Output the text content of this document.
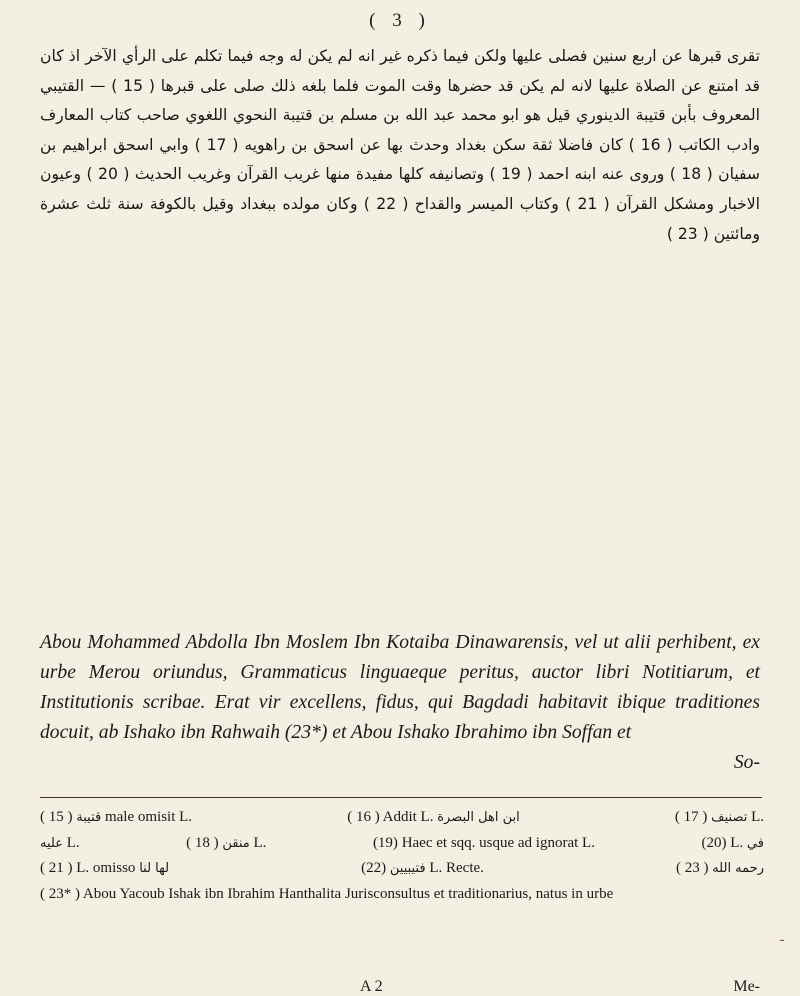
( 3 )

تقرى قبرها عن اربع سنين فصلى عليها ولكن فيما ذكره غير انه لم يكن له وجه فيما تكلم على الرأي الآخر اذ كان قد امتنع عن الصلاة عليها لانه لم يكن قد حضرها وقت الموت فلما بلغه ذلك صلى على قبرها ( 15 ) — القتيبي المعروف بأبن قتيبة الدينوري قيل هو ابو محمد عبد الله بن مسلم بن قتيبة النحوي اللغوي صاحب كتاب المعارف وادب الكاتب ( 16 ) كان فاضلا ثقة سكن بغداد وحدث بها عن اسحق بن راهويه ( 17 ) وابي اسحق ابراهيم بن سفيان ( 18 ) وروى عنه ابنه احمد ( 19 ) وتصانيفه كلها مفيدة منها غريب القرآن وغريب الحديث ( 20 ) وعيون الاخبار ومشكل القرآن ( 21 ) وكتاب الميسر والقداح ( 22 ) وكان مولده ببغداد وقيل بالكوفة سنة ثلث عشرة ومائتين ( 23 )

Abou Mohammed Abdolla Ibn Moslem Ibn Kotaiba Dinawarensis, vel ut alii perhibent, ex urbe Merou oriundus, Grammaticus linguaeque peritus, auctor libri Notitiarum, et Institutionis scribae. Erat vir excellens, fidus, qui Bagdadi habitavit ibique traditiones docuit, ab Ishako ibn Rahwaih (23*) et Abou Ishako Ibrahimo ibn Soffan et

So-
( 15 ) قتيبة male omisit L.	( 16 ) Addit L. ابن اهل البصرة	( 17 ) تصنيف L.
عليه L.	( 18 ) منقن L.	(19) Haec et sqq. usque ad ignorat L.	(20) L. في
( 21 ) L. omisso لها لنا	(22) فتيبيين L. Recte.	( 23 ) رحمه الله
( 23* ) Abou Yacoub Ishak ibn Ibrahim Hanthalita Jurisconsultus et traditionarius, natus in urbe
A 2	Me-
ـ
